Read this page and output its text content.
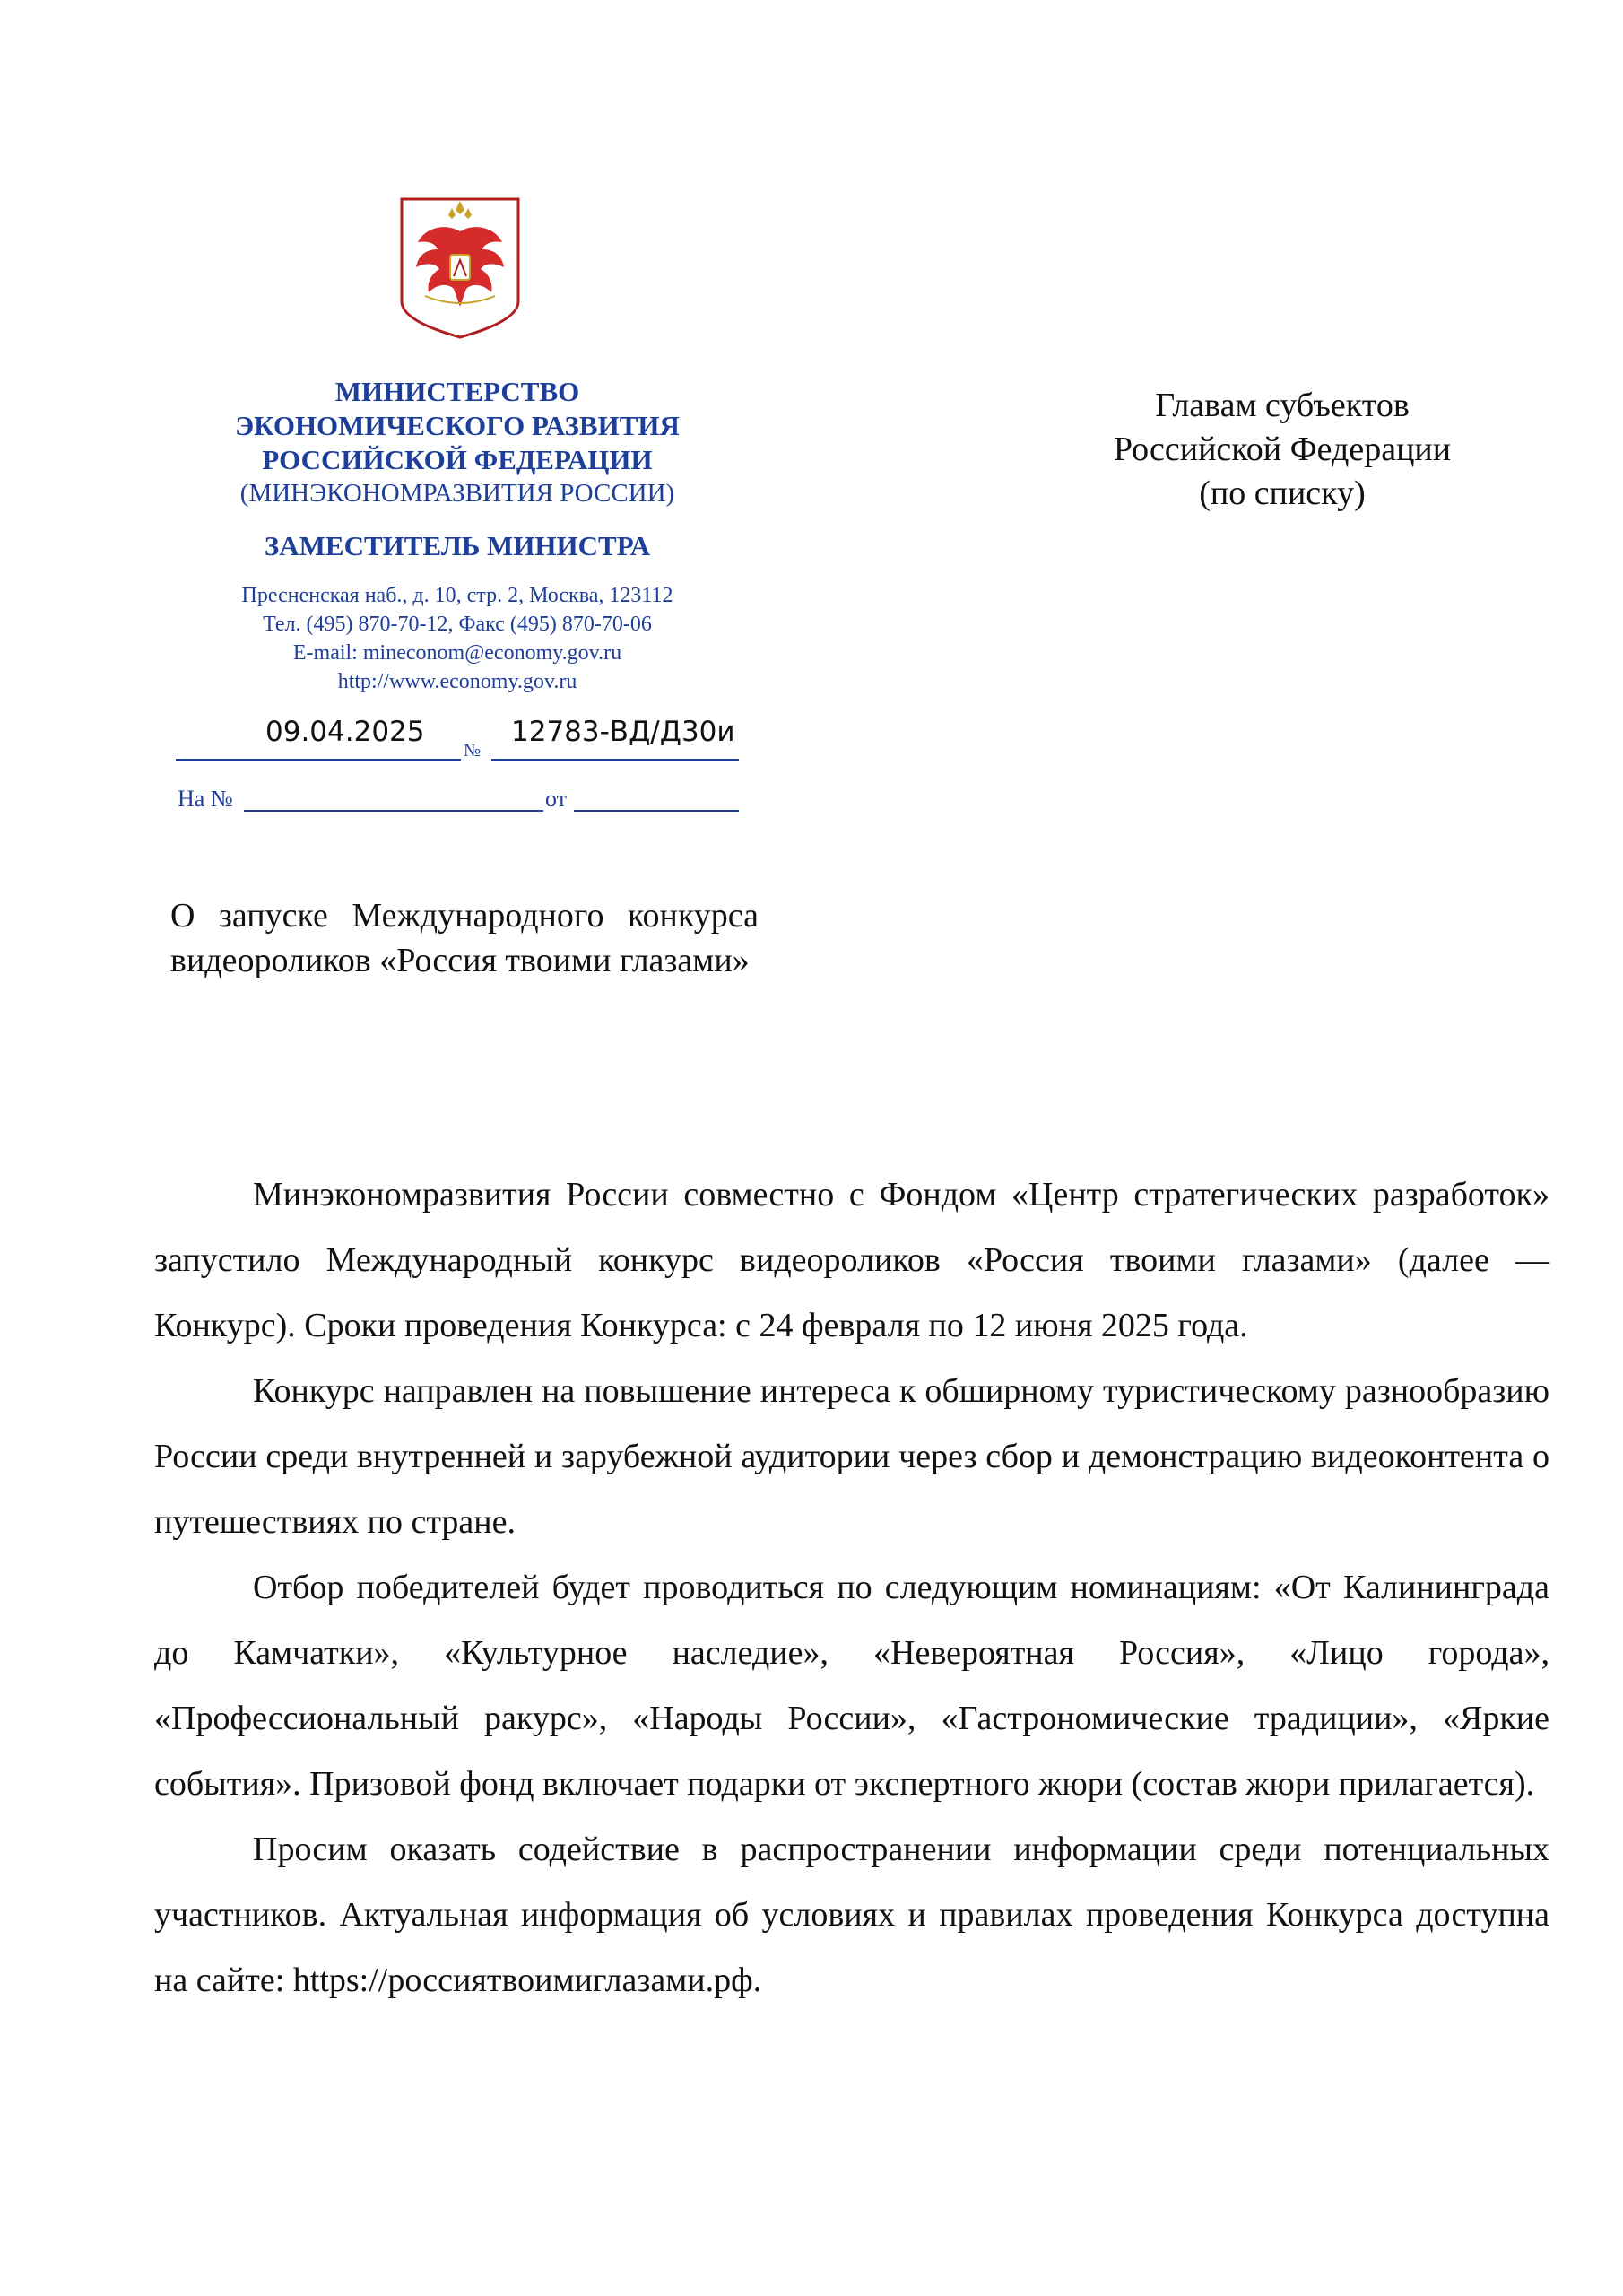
МИНИСТЕРСТВО
ЭКОНОМИЧЕСКОГО РАЗВИТИЯ
РОССИЙСКОЙ ФЕДЕРАЦИИ
(МИНЭКОНОМРАЗВИТИЯ РОССИИ)
ЗАМЕСТИТЕЛЬ МИНИСТРА
Пресненская наб., д. 10, стр. 2, Москва, 123112
Тел. (495) 870-70-12, Факс (495) 870-70-06
E-mail: mineconom@economy.gov.ru
http://www.economy.gov.ru
09.04.2025
№
12783-ВД/Д30и
На №	от
Главам субъектов
Российской Федерации
(по списку)
О запуске Международного конкурса видеороликов «Россия твоими глазами»

Минэкономразвития России совместно с Фондом «Центр стратегических разработок» запустило Международный конкурс видеороликов «Россия твоими глазами» (далее — Конкурс). Сроки проведения Конкурса: с 24 февраля по 12 июня 2025 года.

Конкурс направлен на повышение интереса к обширному туристическому разнообразию России среди внутренней и зарубежной аудитории через сбор и демонстрацию видеоконтента о путешествиях по стране.

Отбор победителей будет проводиться по следующим номинациям: «От Калининграда до Камчатки», «Культурное наследие», «Невероятная Россия», «Лицо города», «Профессиональный ракурс», «Народы России», «Гастрономические традиции», «Яркие события». Призовой фонд включает подарки от экспертного жюри (состав жюри прилагается).

Просим оказать содействие в распространении информации среди потенциальных участников. Актуальная информация об условиях и правилах проведения Конкурса доступна на сайте: https://россиятвоимиглазами.рф.
